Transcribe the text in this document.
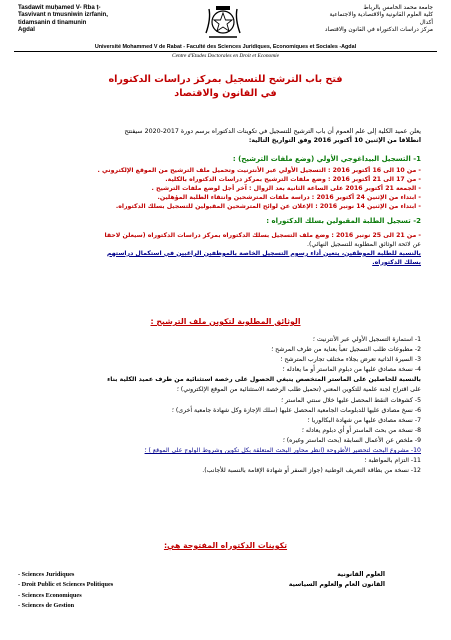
Tasdawit muḥamed V- Rba ṭ-
Tasvivant n tmusniwin izrfanin,
tidamsanin d tinamunin
Agdal
جامعة محمد الخامس بالرباط
كلية العلوم القانونية والاقتصادية والاجتماعية
أكدال
مركز دراسات الدكتوراه في القانون والاقتصاد
Université Mohammed V de Rabat - Faculté des Sciences Juridiques, Economiques et Sociales -Agdal
Centre d'Etudes Doctorales en Droit et Economie
فتح باب الترشح للتسجيل بمركز دراسات الدكتوراه
في القانون والاقتصاد
يعلن عميد الكلية إلى علم العموم أن باب الترشيح للتسجيل في تكوينات الدكتوراه برسم دورة 2017-2020 سيفتتح
انطلاقا من الإثنين 10 أكتوبر 2016 وفق التواريخ التالية:
1- التسجيل البيداغوجي الأولي (وضع ملفات الترشيح) :
- من 10 الى 16 أكتوبر 2016 : التسجيل الأولي عبر الأنترنيت وتحميل ملف الترشيح من الموقع الإلكتروني .
- من 17 الى 21 أكتوبر 2016 : وضع ملفات الترشيح بمركز دراسات الدكتوراه بالكلية.
- الجمعة 21 أكتوبر 2016 على الساعة الثانية بعد الزوال : آخر أجل لوضع ملفات الترشيح .
- ابتداء من الإثنين 24 أكتوبر 2016 : دراسة ملفات المترشحين وانتقاء الطلبة المؤهلين.
- ابتداء من الإثنين 14 نونبر 2016 : الإعلان عن لوائح المترشحين المقبولين للتسجيل بسلك الدكتوراه.
2- تسجيل الطلبة المقبولين بسلك الدكتوراه :
- من 21 الى 25 نونبر 2016 : وضع ملف التسجيل بسلك الدكتوراه بمركز دراسات الدكتوراه (سيعلن لاحقا
عن لائحة الوثائق المطلوبة للتسجيل النهائي).
بالنسبة للطلبة الموظفين، يتعين أداء رسوم التسجيل الخاصة بالموظفين الراغبين في استكمال دراستهم
بسلك الدكتوراه.
الوثائق المطلوبة لتكوين ملف الترشيح :
1- استمارة التسجيل الأولي عبر الأنترنيت ؛
2- مطبوعات طلب التسجيل تعبأ بعناية من طرف المرشح ؛
3- السيرة الذاتية تعرض بجلاء مختلف تجارب المترشح ؛
4- نسخة مصادق عليها من دبلوم الماستر أو ما يعادله ؛
بالنسبة للحاصلين على الماستر المتخصص ينبغي الحصول على رخصة استثنائية من طرف عميد الكلية بناء
على اقتراح لجنة علمية للتكوين المعني (تحميل طلب الرخصة الاستثنائية من الموقع الإلكتروني) ؛
5- كشوفات النقط المحصل عليها خلال سنتي الماستر ؛
6- نسخ مصادق عليها للدبلومات الجامعية المحصل عليها (سلك الإجازة وكل شهادة جامعية أخرى) ؛
7- نسخة مصادق عليها من شهادة البكالوريا ؛
8- نسخة من بحث الماستر أو أي دبلوم يعادله ؛
9- ملخص عن الأعمال السابقة (بحث الماستر وغيره) ؛
10- مشروع البحث لتحضير الأطروحة (انظر محاور البحث المتعلقة بكل تكوين وشروط الولوج على الموقع ) ؛
11- التزام بالمواظبة ؛
12- نسخة من بطاقة التعريف الوطنية (جواز السفر أو شهادة الإقامة بالنسبة للأجانب).
تكوينات الدكتوراه المفتوحة هي:
العلوم القانونية
القانون العام والعلوم السياسية
- Sciences Juridiques
- Droit Public et Sciences Politiques
- Sciences Economiques
- Sciences de Gestion
